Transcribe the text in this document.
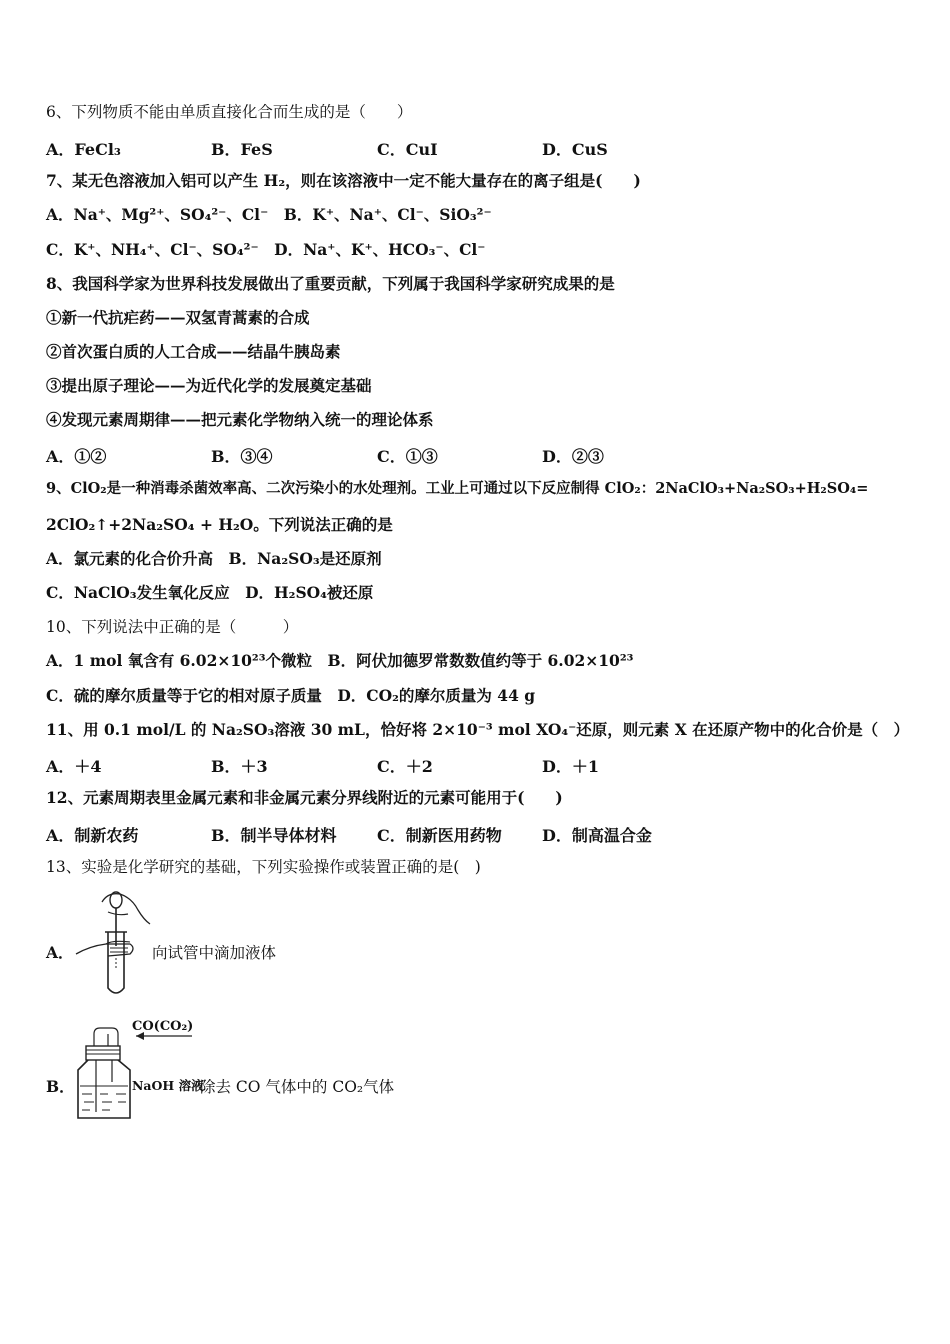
6、下列物质不能由单质直接化合而生成的是（　　）
A．FeCl₃	B．FeS	C．CuI	D．CuS
7、某无色溶液加入铝可以产生 H₂，则在该溶液中一定不能大量存在的离子组是(　　)
A．Na⁺、Mg²⁺、SO₄²⁻、Cl⁻　B．K⁺、Na⁺、Cl⁻、SiO₃²⁻
C．K⁺、NH₄⁺、Cl⁻、SO₄²⁻　D．Na⁺、K⁺、HCO₃⁻、Cl⁻
8、我国科学家为世界科技发展做出了重要贡献，下列属于我国科学家研究成果的是
①新一代抗疟药——双氢青蒿素的合成
②首次蛋白质的人工合成——结晶牛胰岛素
③提出原子理论——为近代化学的发展奠定基础
④发现元素周期律——把元素化学物纳入统一的理论体系
A．①②	B．③④	C．①③	D．②③
9、ClO₂是一种消毒杀菌效率高、二次污染小的水处理剂。工业上可通过以下反应制得 ClO₂：2NaClO₃+Na₂SO₃+H₂SO₄=
2ClO₂↑+2Na₂SO₄ + H₂O。下列说法正确的是
A．氯元素的化合价升高　B．Na₂SO₃是还原剂
C．NaClO₃发生氧化反应　D．H₂SO₄被还原
10、下列说法中正确的是（　　　）
A．1 mol 氧含有 6.02×10²³个微粒　B．阿伏加德罗常数数值约等于 6.02×10²³
C．硫的摩尔质量等于它的相对原子质量　D．CO₂的摩尔质量为 44 g
11、用 0.1 mol/L 的 Na₂SO₃溶液 30 mL，恰好将 2×10⁻³ mol XO₄⁻还原，则元素 X 在还原产物中的化合价是（　）
A．＋4	B．＋3	C．＋2	D．＋1
12、元素周期表里金属元素和非金属元素分界线附近的元素可能用于(　　)
A．制新农药	B．制半导体材料	C．制新医用药物	D．制高温合金
13、实验是化学研究的基础，下列实验操作或装置正确的是(　)
A．	向试管中滴加液体
B．
CO(CO₂)
NaOH 溶液
除去 CO 气体中的 CO₂气体
